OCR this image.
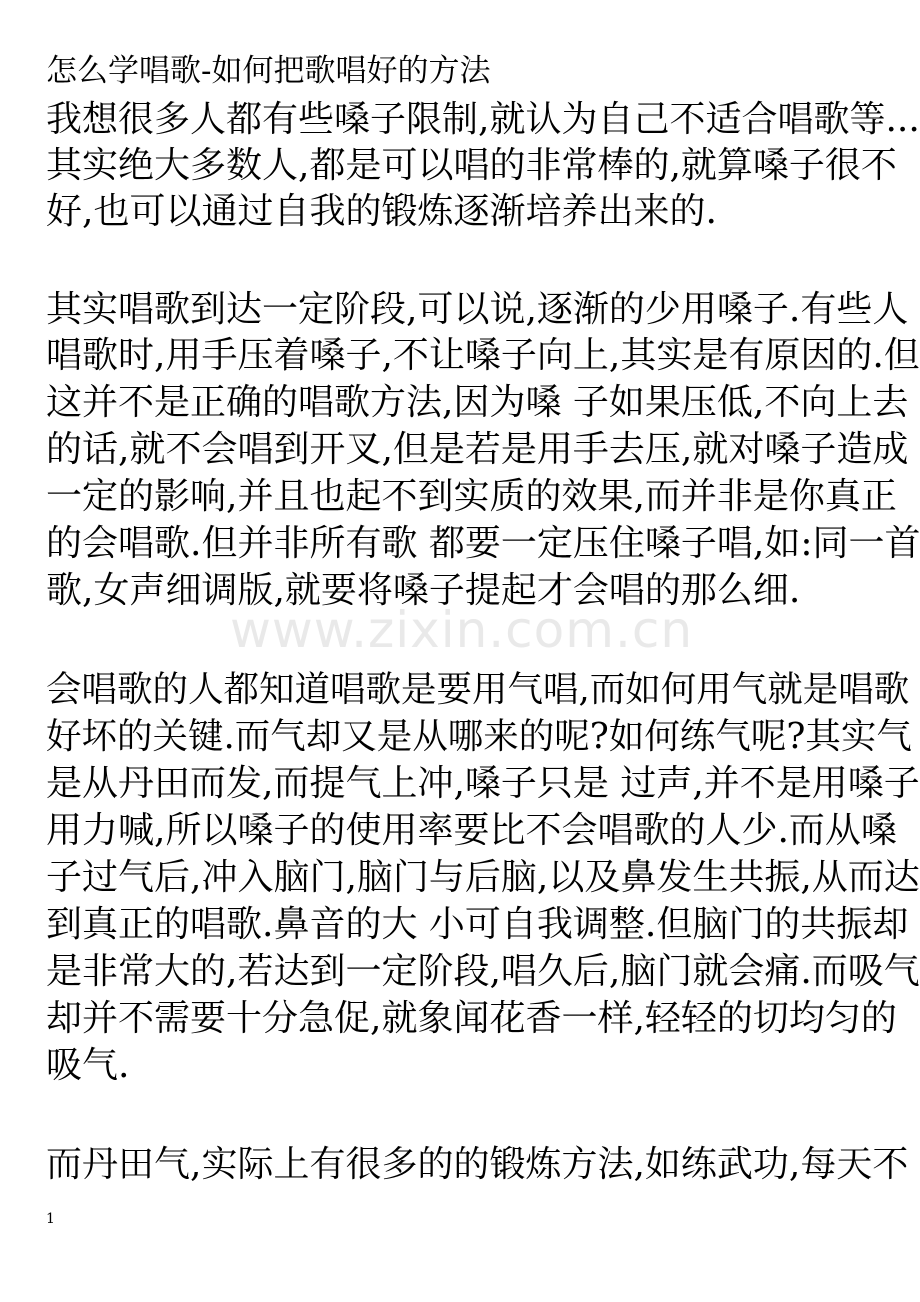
怎么学唱歌-如何把歌唱好的方法
我想很多人都有些嗓子限制,就认为自己不适合唱歌等...
其实绝大多数人,都是可以唱的非常棒的,就算嗓子很不
好,也可以通过自我的锻炼逐渐培养出来的.
其实唱歌到达一定阶段,可以说,逐渐的少用嗓子.有些人
唱歌时,用手压着嗓子,不让嗓子向上,其实是有原因的.但
这并不是正确的唱歌方法,因为嗓 子如果压低,不向上去
的话,就不会唱到开叉,但是若是用手去压,就对嗓子造成
一定的影响,并且也起不到实质的效果,而并非是你真正
的会唱歌.但并非所有歌 都要一定压住嗓子唱,如:同一首
歌,女声细调版,就要将嗓子提起才会唱的那么细.
www.zixin.com.cn
会唱歌的人都知道唱歌是要用气唱,而如何用气就是唱歌
好坏的关键.而气却又是从哪来的呢?如何练气呢?其实气
是从丹田而发,而提气上冲,嗓子只是 过声,并不是用嗓子
用力喊,所以嗓子的使用率要比不会唱歌的人少.而从嗓
子过气后,冲入脑门,脑门与后脑,以及鼻发生共振,从而达
到真正的唱歌.鼻音的大 小可自我调整.但脑门的共振却
是非常大的,若达到一定阶段,唱久后,脑门就会痛.而吸气
却并不需要十分急促,就象闻花香一样,轻轻的切均匀的
吸气.
而丹田气,实际上有很多的的锻炼方法,如练武功,每天不
1
